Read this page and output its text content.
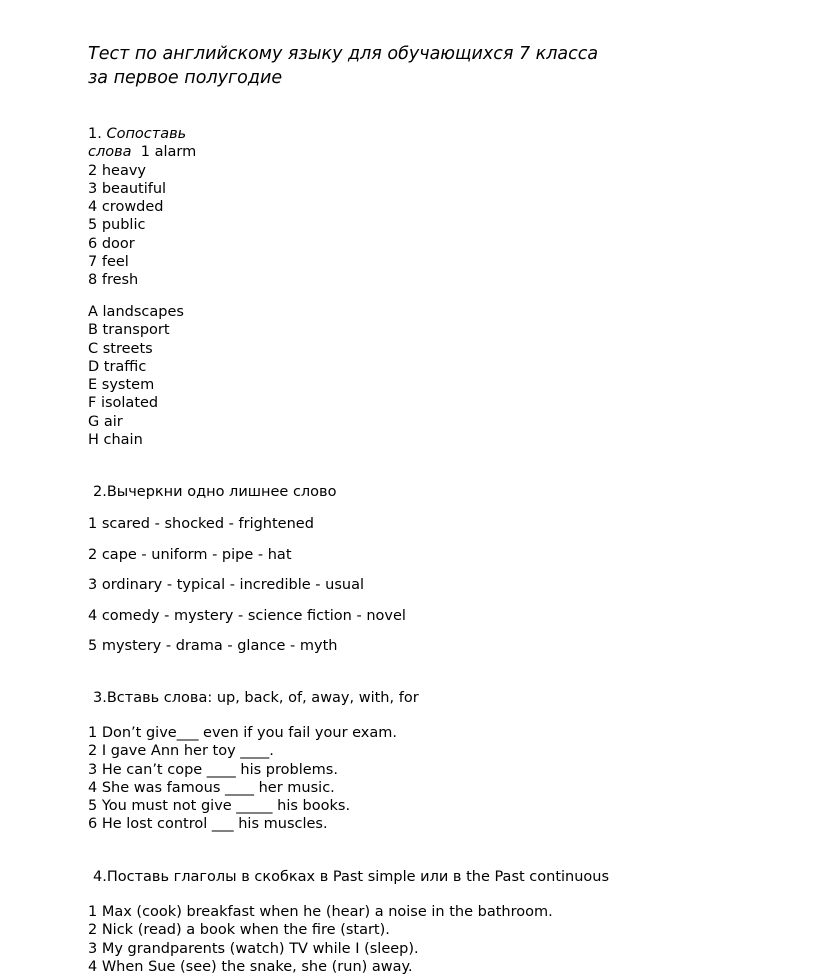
Тест по английскому языку для обучающихся 7 класса
за первое полугодие
1. Сопоставь
слова 1 alarm
2 heavy
3 beautiful
4 crowded
5 public
6 door
7 feel
8 fresh
A landscapes
B transport
C streets
D traffic
E system
F isolated
G air
H chain
2.Вычеркни одно лишнее слово
1 scared - shocked - frightened
2 cape - uniform - pipe - hat
3 ordinary - typical - incredible - usual
4 comedy - mystery - science fiction - novel
5 mystery - drama - glance - myth
3.Вставь слова: up, back, of, away, with, for
1 Don’t give___ even if you fail your exam.
2 I gave Ann her toy ____.
3 He can’t cope ____ his problems.
4 She was famous ____ her music.
5 You must not give _____ his books.
6 He lost control ___ his muscles.
4.Поставь глаголы в скобках в Past simple или в the Past continuous
1 Max (cook) breakfast when he (hear) a noise in the bathroom.
2 Nick (read) a book when the fire (start).
3 My grandparents (watch) TV while I (sleep).
4 When Sue (see) the snake, she (run) away.
